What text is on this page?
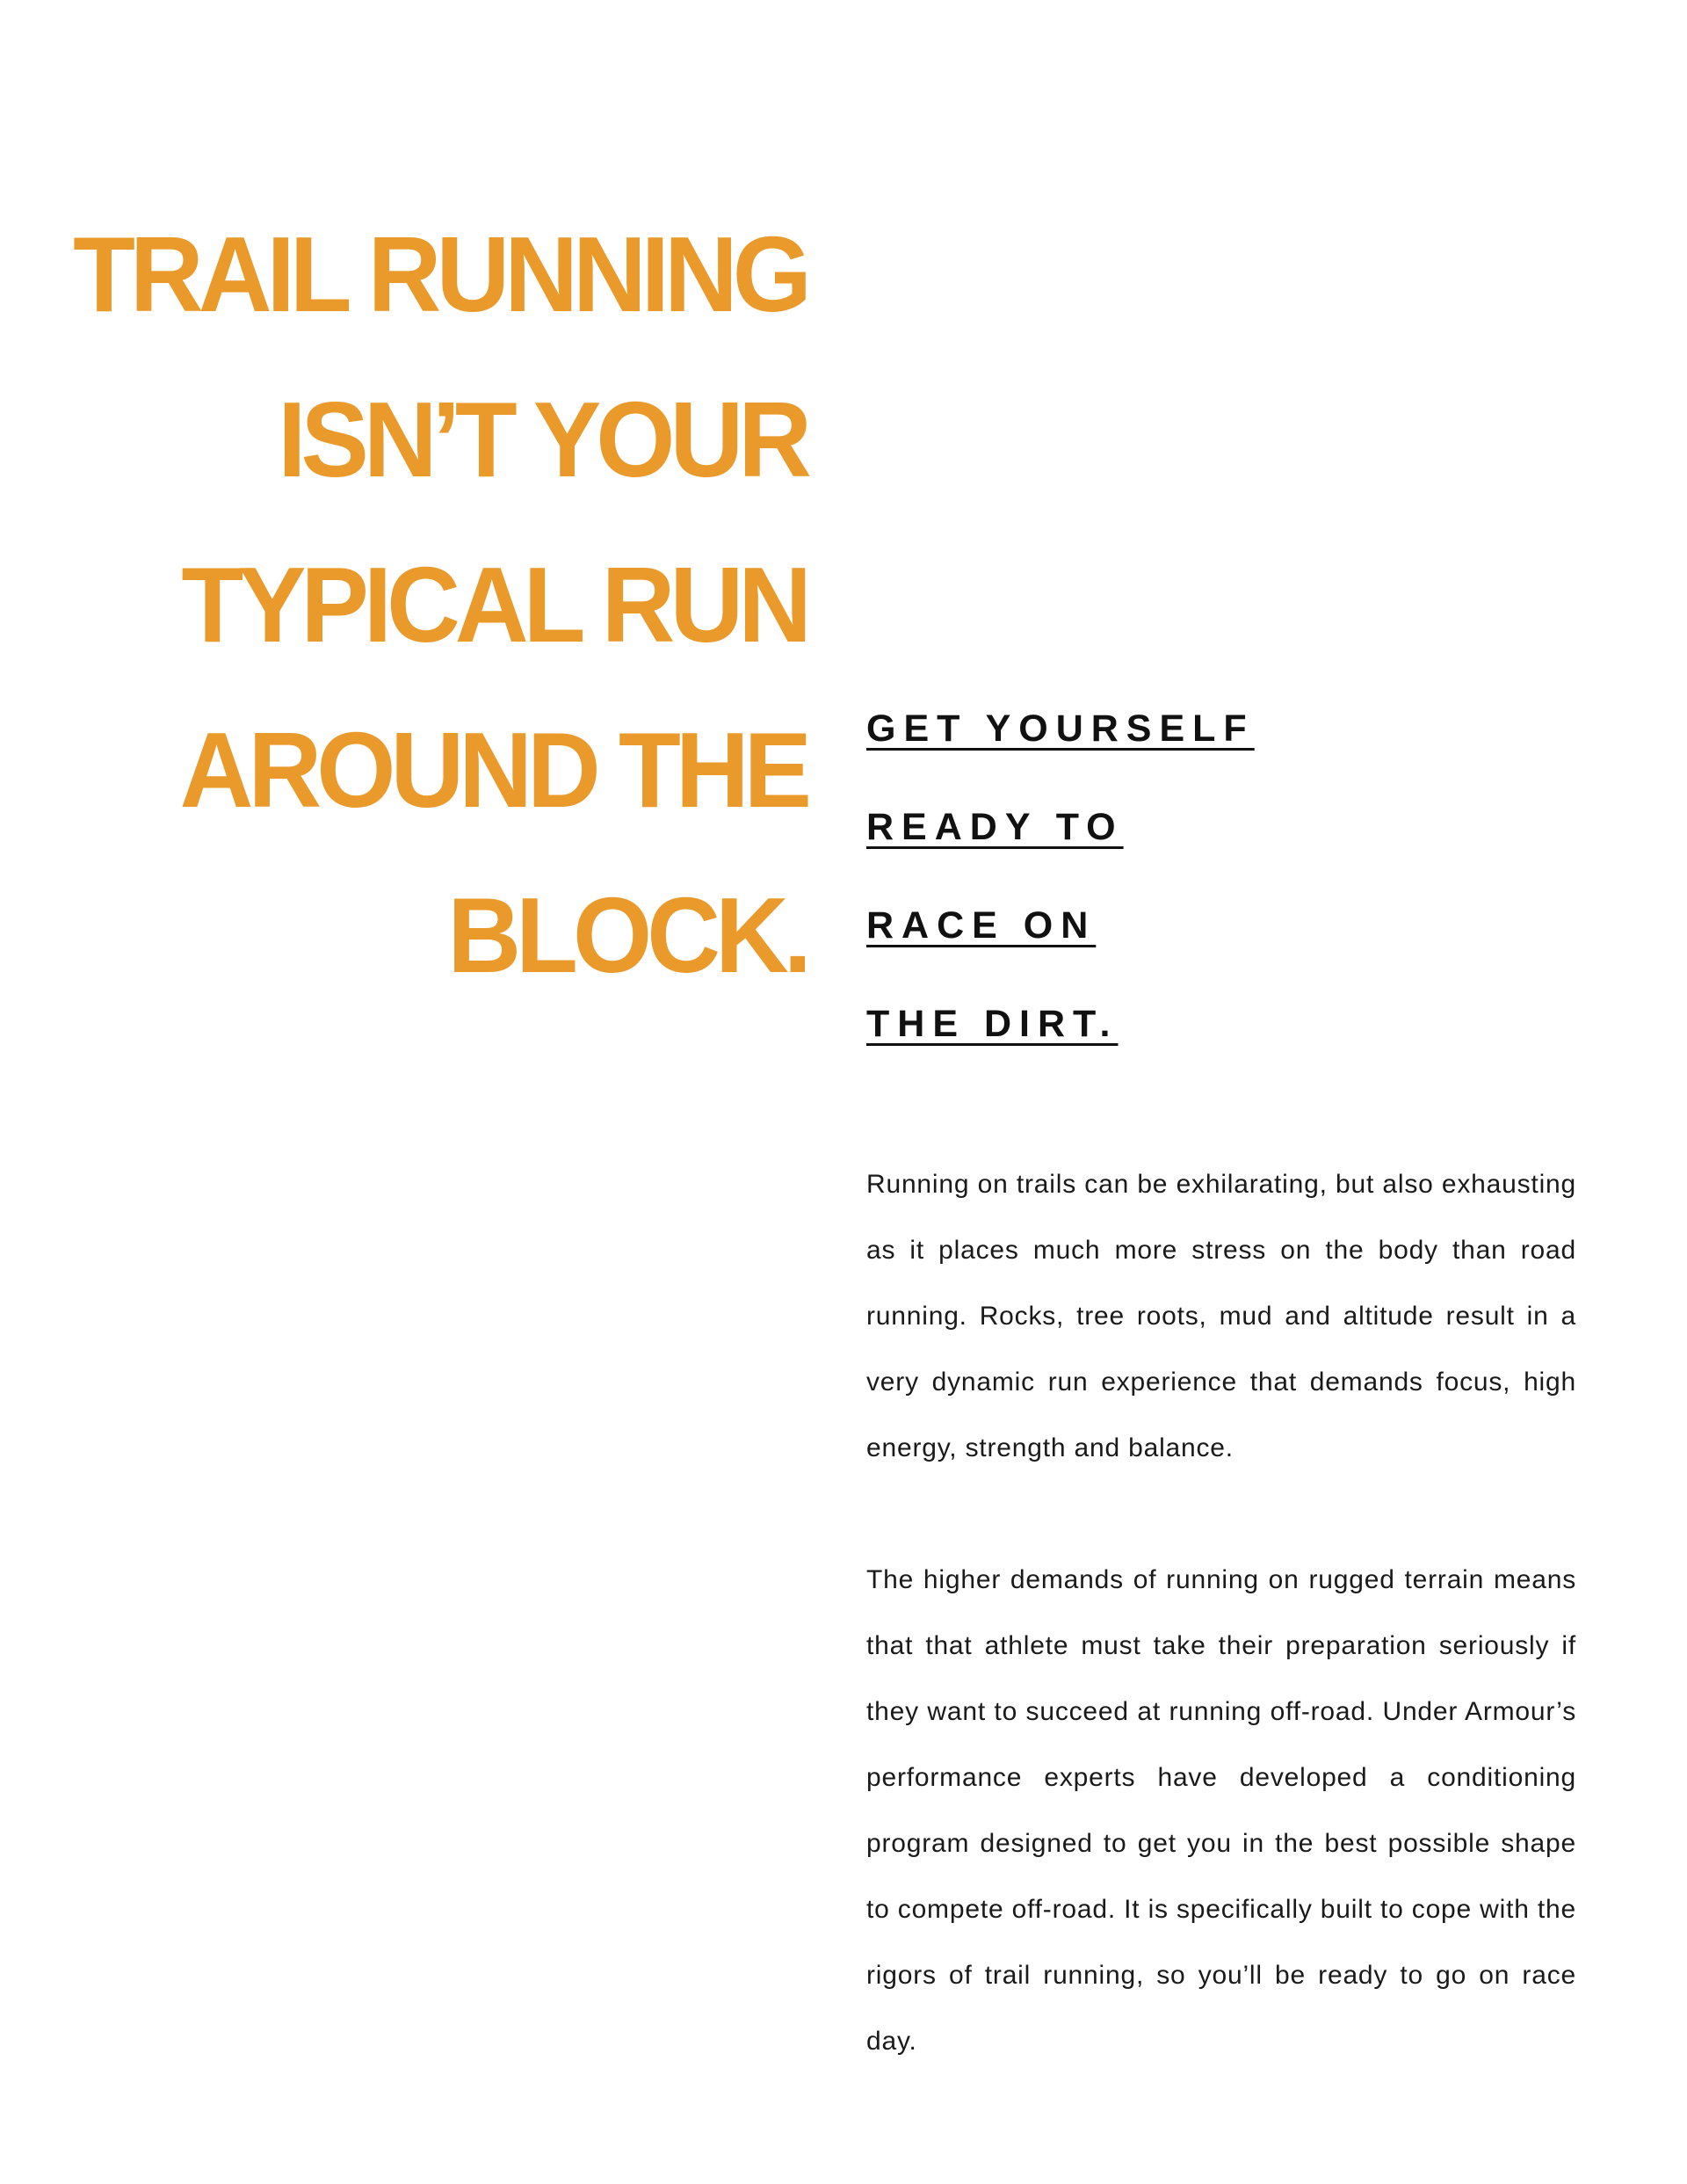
TRAIL RUNNING
ISN’T YOUR
TYPICAL RUN
AROUND THE
BLOCK.
GET YOURSELF
READY TO
RACE ON
THE DIRT.

Running on trails can be exhilarating, but also exhausting as it places much more stress on the body than road running. Rocks, tree roots, mud and altitude result in a very dynamic run experience that demands focus, high energy, strength and balance.

The higher demands of running on rugged terrain means that that athlete must take their preparation seriously if they want to succeed at running off-road. Under Armour’s performance experts have developed a conditioning program designed to get you in the best possible shape to compete off-road. It is specifically built to cope with the rigors of trail running, so you’ll be ready to go on race day.
